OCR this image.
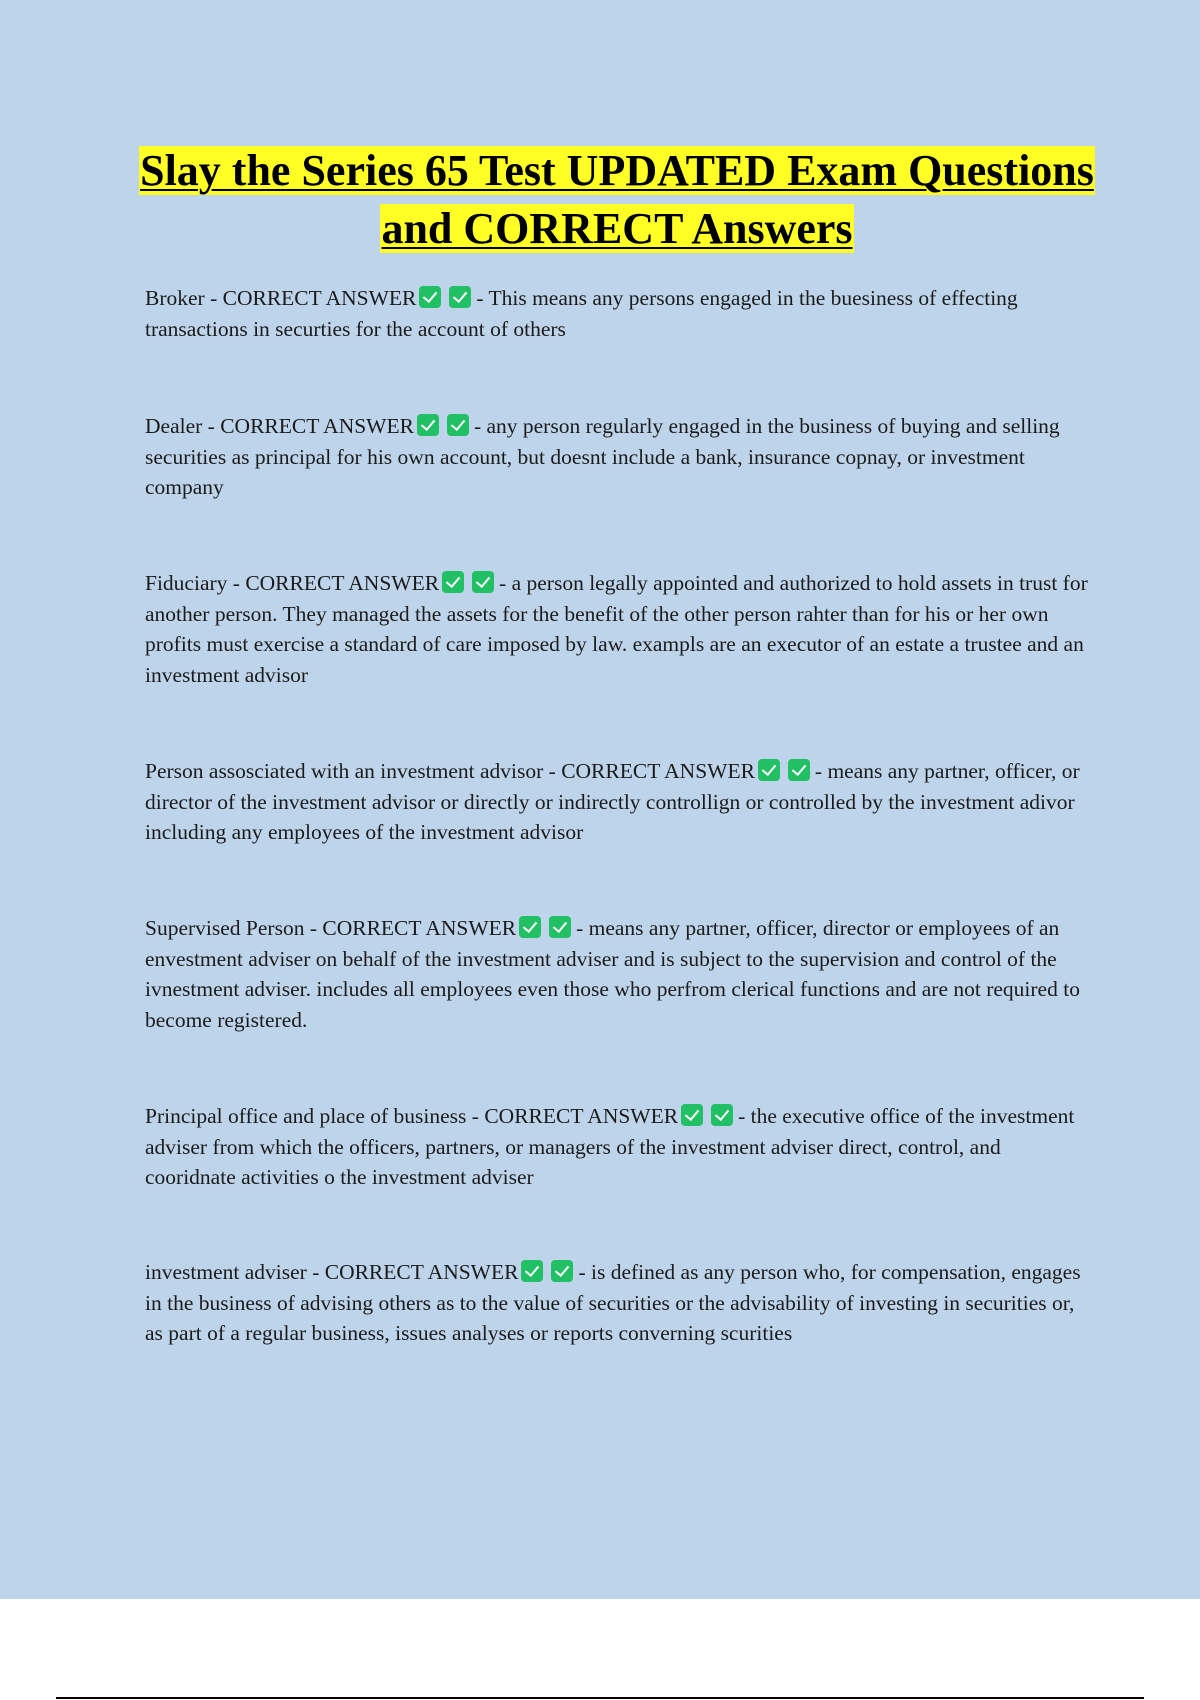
Slay the Series 65 Test UPDATED Exam Questions and CORRECT Answers

Broker - CORRECT ANSWER	- This means any persons engaged in the buesiness of effecting transactions in securties for the account of others

Dealer - CORRECT ANSWER	- any person regularly engaged in the business of buying and selling securities as principal for his own account, but doesnt include a bank, insurance copnay, or investment company

Fiduciary - CORRECT ANSWER	- a person legally appointed and authorized to hold assets in trust for another person. They managed the assets for the benefit of the other person rahter than for his or her own profits must exercise a standard of care imposed by law. exampls are an executor of an estate a trustee and an investment advisor

Person assosciated with an investment advisor - CORRECT ANSWER	- means any partner, officer, or director of the investment advisor or directly or indirectly controllign or controlled by the investment adivor including any employees of the investment advisor

Supervised Person - CORRECT ANSWER	- means any partner, officer, director or employees of an envestment adviser on behalf of the investment adviser and is subject to the supervision and control of the ivnestment adviser. includes all employees even those who perfrom clerical functions and are not required to become registered.

Principal office and place of business - CORRECT ANSWER	- the executive office of the investment adviser from which the officers, partners, or managers of the investment adviser direct, control, and cooridnate activities o the investment adviser

investment adviser - CORRECT ANSWER	- is defined as any person who, for compensation, engages in the business of advising others as to the value of securities or the advisability of investing in securities or, as part of a regular business, issues analyses or reports converning scurities
